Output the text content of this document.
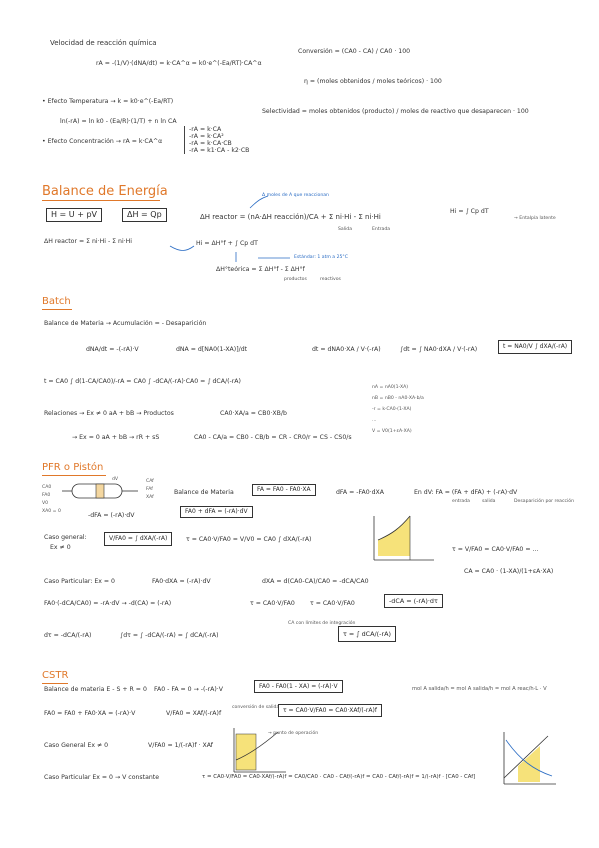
Velocidad de reacción química
rA = -(1/V)·(dNA/dt) = k·CA^α = k0·e^(-Ea/RT)·CA^α
Conversión = (CA0 - CA) / CA0 · 100
η = (moles obtenidos / moles teóricos) · 100
• Efecto Temperatura → k = k0·e^(-Ea/RT)
ln(-rA) = ln k0 - (Ea/R)·(1/T) + n ln CA
Selectividad = moles obtenidos (producto) / moles de reactivo que desaparecen · 100
• Efecto Concentración → rA = k·CA^α
-rA = k·CA
-rA = k·CA²
-rA = k·CA·CB
-rA = k1·CA - k2·CB
Balance de Energía
H = U + pV	ΔH = Qp	ΔH reactor = (nA·ΔH reacción)/CA + Σ ni·Hi - Σ ni·Hi
Salida	Entrada
Δ moles de A que reaccionan
Hi = ∫ Cp dT
→ Entalpía latente
ΔH reactor = Σ ni·Hi - Σ ni·Hi	Hi = ΔH°f + ∫ Cp dT
ΔH°teórica = Σ ΔH°f - Σ ΔH°f
productos	reactivos
Estándar: 1 atm a 25°C
Batch
Balance de Materia → Acumulación = - Desaparición
dNA/dt = -(-rA)·V	dNA = d[NA0(1-XA)]/dt	dt = dNA0·XA / V·(-rA)	∫dt = ∫ NA0·dXA / V·(-rA)	t = NA0/V ∫ dXA/(-rA)
t = CA0 ∫ d(1-CA/CA0)/-rA = CA0 ∫ -dCA/(-rA)·CA0 = ∫ dCA/(-rA)
Relaciones → Ex ≠ 0 aA + bB → Productos	CA0·XA/a = CB0·XB/b
→ Ex = 0 aA + bB → rR + sS	CA0 - CA/a = CB0 - CB/b = CR - CR0/r = CS - CS0/s
nA = nA0(1-XA)
nB = nB0 - nA0·XA·b/a
-r = k·CA0·(1-XA)
...
V = V0(1+εA·XA)
PFR o Pistón
CA0
FA0
V0
XA0 = 0
CAf
FAf
XAf
dV
Balance de Materia	FA = FA0 - FA0·XA	dFA = -FA0·dXA	En dV: FA = (FA + dFA) + (-rA)·dV
entrada	salida	Desaparición por reacción
FA0 + dFA = (-rA)·dV
-dFA = (-rA)·dV
Caso general:
Ex ≠ 0
V/FA0 = ∫ dXA/(-rA)	τ = CA0·V/FA0 = V/V0 = CA0 ∫ dXA/(-rA)
τ = V/FA0 = CA0·V/FA0 = ...
CA = CA0 · (1-XA)/(1+εA·XA)
Caso Particular: Ex = 0	FA0·dXA = (-rA)·dV	dXA = d(CA0-CA)/CA0 = -dCA/CA0
FA0·(-dCA/CA0) = -rA·dV → -d(CA) = (-rA)	τ = CA0·V/FA0 τ = CA0·V/FA0	-dCA = (-rA)·dτ
dτ = -dCA/(-rA)	∫dτ = ∫ -dCA/(-rA) = ∫ dCA/(-rA)
CA con límites de integración
τ = ∫ dCA/(-rA)
CSTR
Balance de materia E - S + R = 0 FA0 - FA = 0 → -(-rA)·V	FA0 - FA0(1 - XA) = (-rA)·V	mol A salida/h = mol A salida/h = mol A reac/h·L · V
FA0 = FA0 + FA0·XA = (-rA)·V	V/FA0 = XAf/(-rA)f
conversión de salida τ = CA0·V/FA0 = CA0·XAf/(-rA)f
Caso General Ex ≠ 0	V/FA0 = 1/(-rA)f · XAf
→ punto de operación
Caso Particular Ex = 0 → V constante	τ = CA0·V/FA0 = CA0·XAf/(-rA)f = CA0/CA0 · CA0 - CAf/(-rA)f = CA0 - CAf/(-rA)f = 1/(-rA)f · [CA0 - CAf]
